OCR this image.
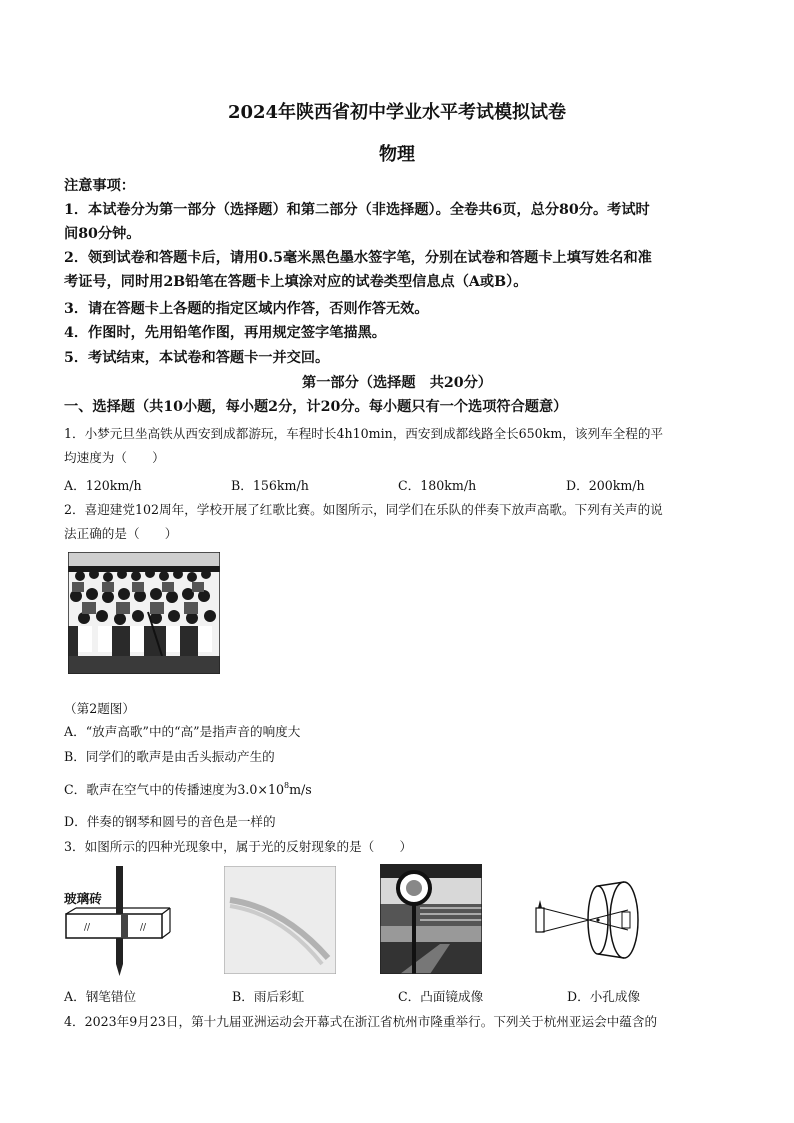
2024年陕西省初中学业水平考试模拟试卷
物理
注意事项：
1．本试卷分为第一部分（选择题）和第二部分（非选择题）。全卷共6页，总分80分。考试时
间80分钟。
2．领到试卷和答题卡后，请用0.5毫米黑色墨水签字笔，分别在试卷和答题卡上填写姓名和准
考证号，同时用2B铅笔在答题卡上填涂对应的试卷类型信息点（A或B）。
3．请在答题卡上各题的指定区域内作答，否则作答无效。
4．作图时，先用铅笔作图，再用规定签字笔描黑。
5．考试结束，本试卷和答题卡一并交回。
第一部分（选择题　共20分）
一、选择题（共10小题，每小题2分，计20分。每小题只有一个选项符合题意）
1．小梦元旦坐高铁从西安到成都游玩，车程时长4h10min，西安到成都线路全长650km，该列车全程的平
均速度为（　　）
A．120km/h	B．156km/h	C．180km/h	D．200km/h
2．喜迎建党102周年，学校开展了红歌比赛。如图所示，同学们在乐队的伴奏下放声高歌。下列有关声的说
法正确的是（　　）
（第2题图）
A．“放声高歌”中的“高”是指声音的响度大
B．同学们的歌声是由舌头振动产生的
C．歌声在空气中的传播速度为$3.0\times 10^8m/s$
D．伴奏的钢琴和圆号的音色是一样的
3．如图所示的四种光现象中，属于光的反射现象的是（　　）
玻璃砖
//	//
A．钢笔错位	B．雨后彩虹	C．凸面镜成像	D．小孔成像
4．2023年9月23日，第十九届亚洲运动会开幕式在浙江省杭州市隆重举行。下列关于杭州亚运会中蕴含的
